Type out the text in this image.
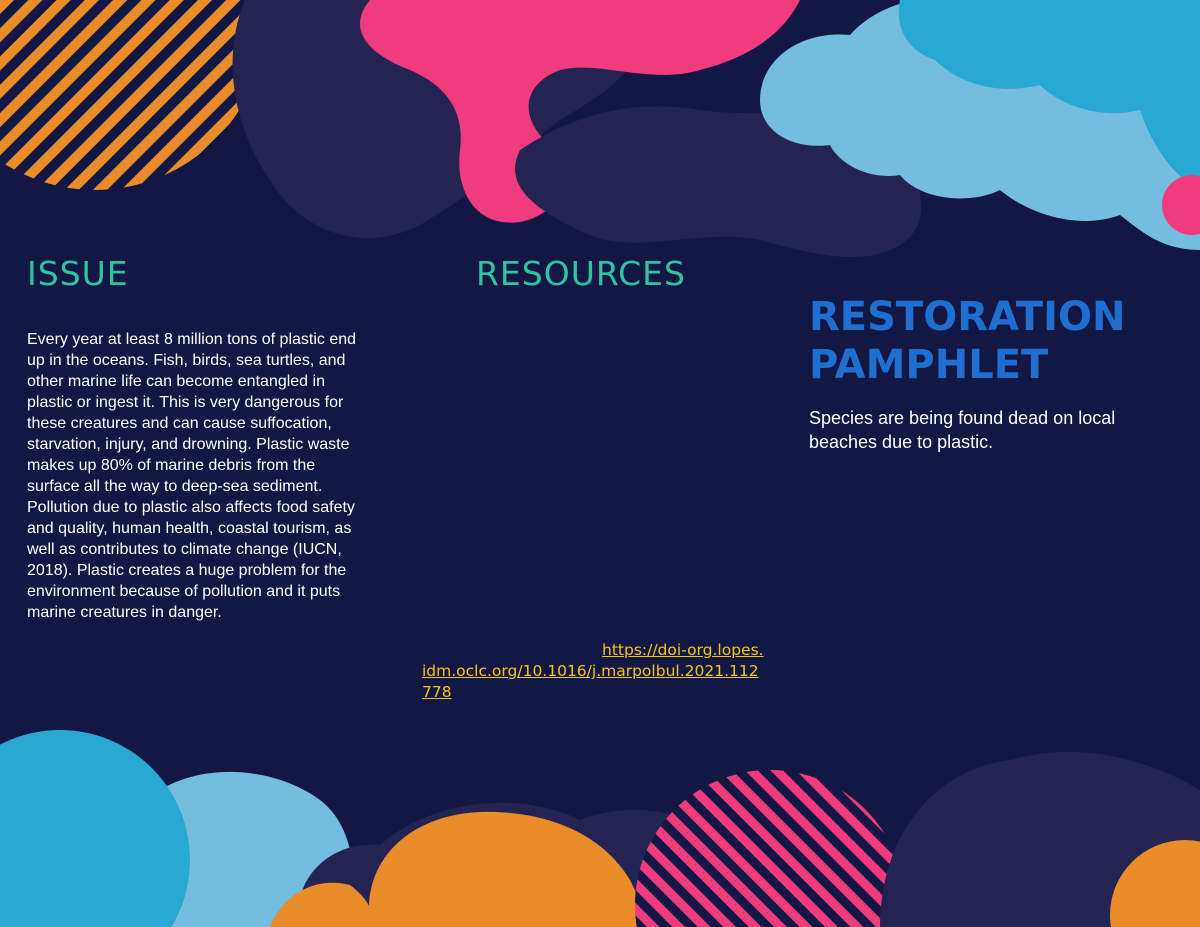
ISSUE
Every year at least 8 million tons of plastic end up in the oceans. Fish, birds, sea turtles, and other marine life can become entangled in plastic or ingest it. This is very dangerous for these creatures and can cause suffocation, starvation, injury, and drowning. Plastic waste makes up 80% of marine debris from the surface all the way to deep-sea sediment. Pollution due to plastic also affects food safety and quality, human health, coastal tourism, as well as contributes to climate change (IUCN, 2018). Plastic creates a huge problem for the environment because of pollution and it puts marine creatures in danger.
RESOURCES
Marine plastics. IUCN. (2018, December 5). Retrieved November 6, 2021, from https://www.iucn.org/resources/issues-briefs/marine-plastics.
Muscat, M. (2019, April 11). California's Straw Law draws attention. Capitol Weekly. Retrieved November 7, 2021, from https://capitolweekly.net/californias-straw-law-draws-attention/.
Tudor, D. T., & Williams, A. T. (2021). The effectiveness of legislative and voluntary strategies to prevent ocean plastic pollution: Lessons from the UK and South Pacific. Marine Pollution Bulletin, 172. https://doi-org.lopes.idm.oclc.org/10.1016/j.marpolbul.2021.112778
RESTORATION
PAMPHLET
Species are being found dead on local beaches due to plastic.
